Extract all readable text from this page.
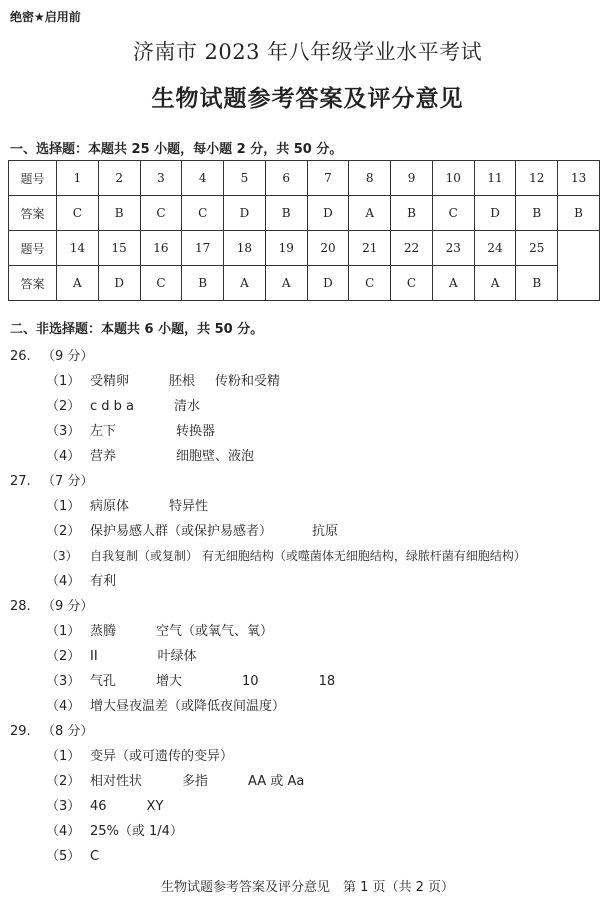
绝密★启用前
济南市 2023 年八年级学业水平考试
生物试题参考答案及评分意见
一、选择题：本题共 25 小题，每小题 2 分，共 50 分。
题号	1	2	3	4	5	6	7	8	9	10	11	12	13
答案	C	B	C	C	D	B	D	A	B	C	D	B	B
题号	14	15	16	17	18	19	20	21	22	23	24	25	
答案	A	D	C	B	A	A	D	C	C	A	A	B	
二、非选择题：本题共 6 小题，共 50 分。
26. （9 分）
（1） 受精卵	胚根 传粉和受精
（2） c d b a	清水
（3） 左下	转换器
（4） 营养	细胞壁、液泡
27. （7 分）
（1） 病原体	特异性
（2） 保护易感人群（或保护易感者）	抗原
（3） 自我复制（或复制） 有无细胞结构（或噬菌体无细胞结构，绿脓杆菌有细胞结构）
（4） 有利
28. （9 分）
（1） 蒸腾	空气（或氧气、氧）
（2） II	叶绿体
（3） 气孔	增大	10	18
（4） 增大昼夜温差（或降低夜间温度）
29. （8 分）
（1） 变异（或可遗传的变异）
（2） 相对性状	多指	AA 或 Aa
（3） 46	XY
（4） 25%（或 1/4）
（5） C
生物试题参考答案及评分意见　第 1 页（共 2 页）
